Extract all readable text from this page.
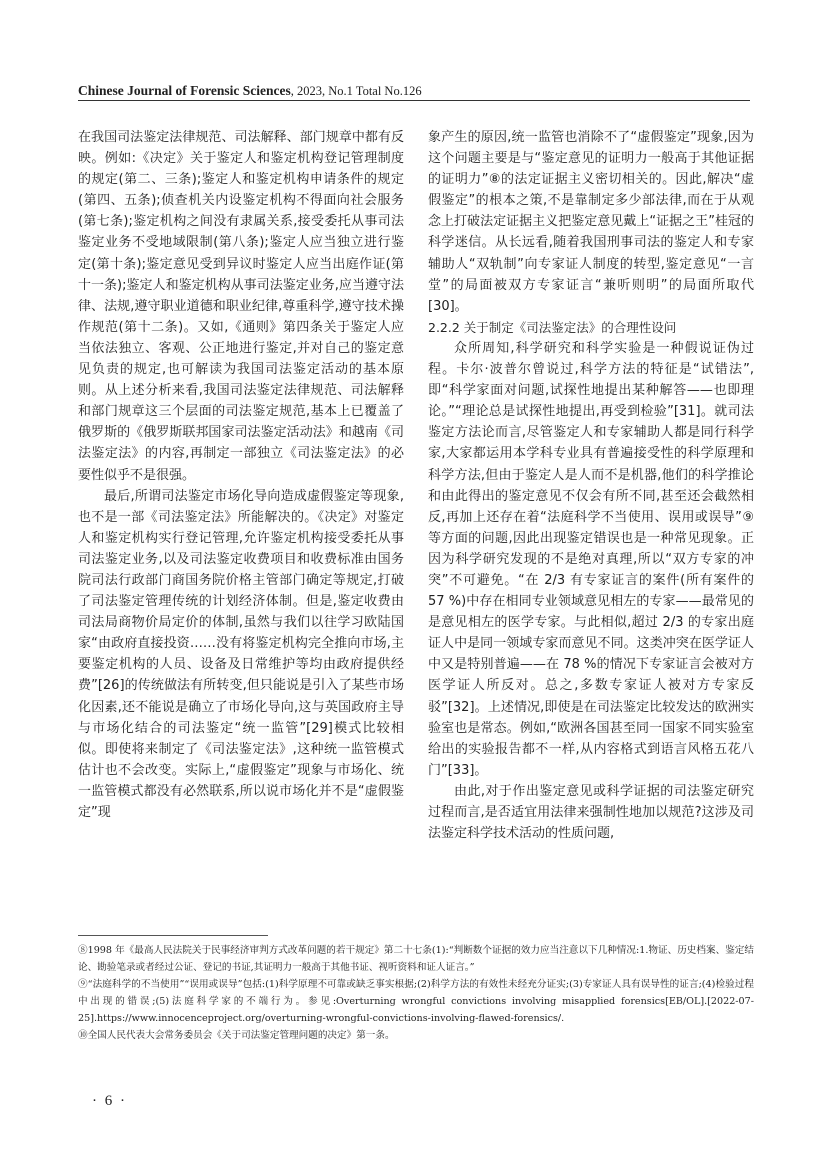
Chinese Journal of Forensic Sciences, 2023, No.1 Total No.126

在我国司法鉴定法律规范、司法解释、部门规章中都有反映。例如:《决定》关于鉴定人和鉴定机构登记管理制度的规定(第二、三条);鉴定人和鉴定机构申请条件的规定(第四、五条);侦查机关内设鉴定机构不得面向社会服务(第七条);鉴定机构之间没有隶属关系,接受委托从事司法鉴定业务不受地域限制(第八条);鉴定人应当独立进行鉴定(第十条);鉴定意见受到异议时鉴定人应当出庭作证(第十一条);鉴定人和鉴定机构从事司法鉴定业务,应当遵守法律、法规,遵守职业道德和职业纪律,尊重科学,遵守技术操作规范(第十二条)。又如,《通则》第四条关于鉴定人应当依法独立、客观、公正地进行鉴定,并对自己的鉴定意见负责的规定,也可解读为我国司法鉴定活动的基本原则。从上述分析来看,我国司法鉴定法律规范、司法解释和部门规章这三个层面的司法鉴定规范,基本上已覆盖了俄罗斯的《俄罗斯联邦国家司法鉴定活动法》和越南《司法鉴定法》的内容,再制定一部独立《司法鉴定法》的必要性似乎不是很强。

最后,所谓司法鉴定市场化导向造成虚假鉴定等现象,也不是一部《司法鉴定法》所能解决的。《决定》对鉴定人和鉴定机构实行登记管理,允许鉴定机构接受委托从事司法鉴定业务,以及司法鉴定收费项目和收费标准由国务院司法行政部门商国务院价格主管部门确定等规定,打破了司法鉴定管理传统的计划经济体制。但是,鉴定收费由司法局商物价局定价的体制,虽然与我们以往学习欧陆国家“由政府直接投资……没有将鉴定机构完全推向市场,主要鉴定机构的人员、设备及日常维护等均由政府提供经费”[26]的传统做法有所转变,但只能说是引入了某些市场化因素,还不能说是确立了市场化导向,这与英国政府主导与市场化结合的司法鉴定“统一监管”[29]模式比较相似。即使将来制定了《司法鉴定法》,这种统一监管模式估计也不会改变。实际上,“虚假鉴定”现象与市场化、统一监管模式都没有必然联系,所以说市场化并不是“虚假鉴定”现

象产生的原因,统一监管也消除不了“虚假鉴定”现象,因为这个问题主要是与“鉴定意见的证明力一般高于其他证据的证明力”⑧的法定证据主义密切相关的。因此,解决“虚假鉴定”的根本之策,不是靠制定多少部法律,而在于从观念上打破法定证据主义把鉴定意见戴上“证据之王”桂冠的科学迷信。从长远看,随着我国刑事司法的鉴定人和专家辅助人“双轨制”向专家证人制度的转型,鉴定意见“一言堂”的局面被双方专家证言“兼听则明”的局面所取代[30]。

2.2.2 关于制定《司法鉴定法》的合理性设问

众所周知,科学研究和科学实验是一种假说证伪过程。卡尔·波普尔曾说过,科学方法的特征是“试错法”,即“科学家面对问题,试探性地提出某种解答——也即理论。”“理论总是试探性地提出,再受到检验”[31]。就司法鉴定方法论而言,尽管鉴定人和专家辅助人都是同行科学家,大家都运用本学科专业具有普遍接受性的科学原理和科学方法,但由于鉴定人是人而不是机器,他们的科学推论和由此得出的鉴定意见不仅会有所不同,甚至还会截然相反,再加上还存在着“法庭科学不当使用、误用或误导”⑨等方面的问题,因此出现鉴定错误也是一种常见现象。正因为科学研究发现的不是绝对真理,所以“双方专家的冲突”不可避免。“在 2/3 有专家证言的案件(所有案件的 57 %)中存在相同专业领域意见相左的专家——最常见的是意见相左的医学专家。与此相似,超过 2/3 的专家出庭证人中是同一领域专家而意见不同。这类冲突在医学证人中又是特别普遍——在 78 %的情况下专家证言会被对方医学证人所反对。总之,多数专家证人被对方专家反驳”[32]。上述情况,即使是在司法鉴定比较发达的欧洲实验室也是常态。例如,“欧洲各国甚至同一国家不同实验室给出的实验报告都不一样,从内容格式到语言风格五花八门”[33]。

由此,对于作出鉴定意见或科学证据的司法鉴定研究过程而言,是否适宜用法律来强制性地加以规范?这涉及司法鉴定科学技术活动的性质问题,

⑧1998 年《最高人民法院关于民事经济审判方式改革问题的若干规定》第二十七条(1):“判断数个证据的效力应当注意以下几种情况:1.物证、历史档案、鉴定结论、勘验笔录或者经过公证、登记的书证,其证明力一般高于其他书证、视听资料和证人证言。”

⑨“法庭科学的不当使用”“误用或误导”包括:(1)科学原理不可靠或缺乏事实根据;(2)科学方法的有效性未经充分证实;(3)专家证人具有误导性的证言;(4)检验过程中出现的错误;(5)法庭科学家的不端行为。参见:Overturning wrongful convictions involving misapplied forensics[EB/OL].[2022-07-25].https://www.innocenceproject.org/overturning-wrongful-convictions-involving-flawed-forensics/.

⑩全国人民代表大会常务委员会《关于司法鉴定管理问题的决定》第一条。

· 6 ·
